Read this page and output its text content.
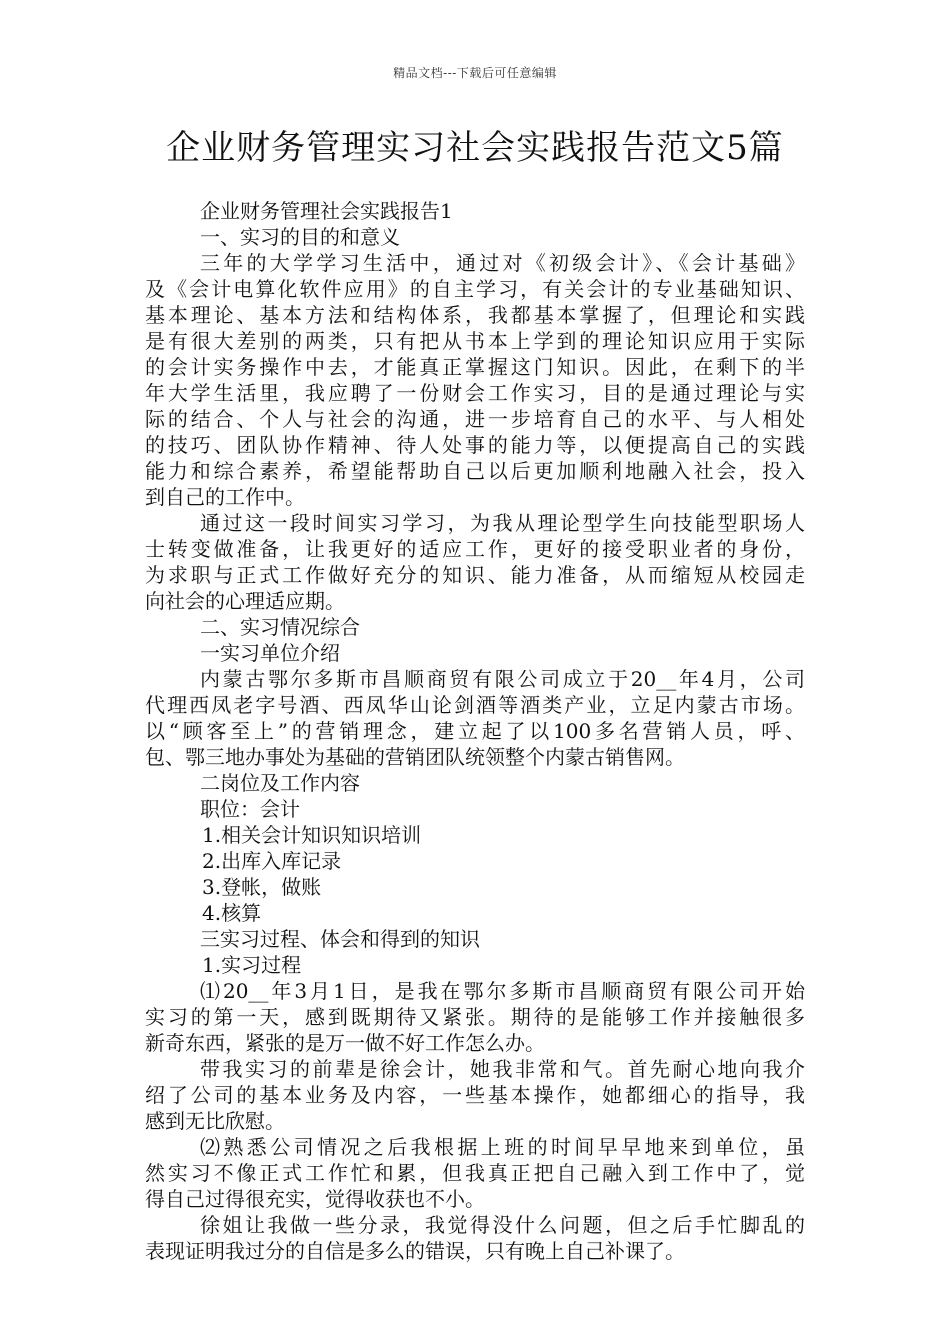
精品文档---下载后可任意编辑
企业财务管理实习社会实践报告范文5篇
企业财务管理社会实践报告1
一、实习的目的和意义
三年的大学学习生活中，通过对《初级会计》、《会计基础》
及《会计电算化软件应用》的自主学习，有关会计的专业基础知识、
基本理论、基本方法和结构体系，我都基本掌握了，但理论和实践
是有很大差别的两类，只有把从书本上学到的理论知识应用于实际
的会计实务操作中去，才能真正掌握这门知识。因此，在剩下的半
年大学生活里，我应聘了一份财会工作实习，目的是通过理论与实
际的结合、个人与社会的沟通，进一步培育自己的水平、与人相处
的技巧、团队协作精神、待人处事的能力等，以便提高自己的实践
能力和综合素养，希望能帮助自己以后更加顺利地融入社会，投入
到自己的工作中。
通过这一段时间实习学习，为我从理论型学生向技能型职场人
士转变做准备，让我更好的适应工作，更好的接受职业者的身份，
为求职与正式工作做好充分的知识、能力准备，从而缩短从校园走
向社会的心理适应期。
二、实习情况综合
一实习单位介绍
内蒙古鄂尔多斯市昌顺商贸有限公司成立于20__年4月，公司
代理西凤老字号酒、西凤华山论剑酒等酒类产业，立足内蒙古市场。
以“顾客至上”的营销理念，建立起了以100多名营销人员，呼、
包、鄂三地办事处为基础的营销团队统领整个内蒙古销售网。
二岗位及工作内容
职位：会计
1.相关会计知识知识培训
2.出库入库记录
3.登帐，做账
4.核算
三实习过程、体会和得到的知识
1.实习过程
⑴20__年3月1日，是我在鄂尔多斯市昌顺商贸有限公司开始
实习的第一天，感到既期待又紧张。期待的是能够工作并接触很多
新奇东西，紧张的是万一做不好工作怎么办。
带我实习的前辈是徐会计，她我非常和气。首先耐心地向我介
绍了公司的基本业务及内容，一些基本操作，她都细心的指导，我
感到无比欣慰。
⑵熟悉公司情况之后我根据上班的时间早早地来到单位，虽
然实习不像正式工作忙和累，但我真正把自己融入到工作中了，觉
得自己过得很充实，觉得收获也不小。
徐姐让我做一些分录，我觉得没什么问题，但之后手忙脚乱的
表现证明我过分的自信是多么的错误，只有晚上自己补课了。
